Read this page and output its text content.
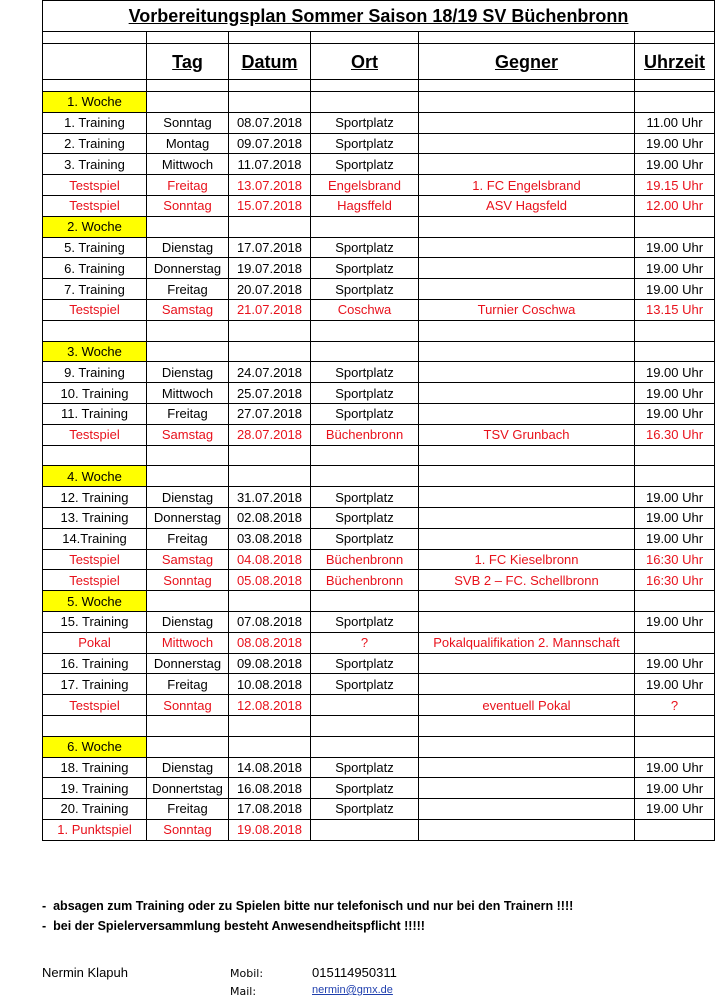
Vorbereitungsplan Sommer Saison 18/19 SV Büchenbronn					

	Tag	Datum	Ort	Gegner	Uhrzeit

1. Woche					
1. Training	Sonntag	08.07.2018	Sportplatz		11.00 Uhr
2. Training	Montag	09.07.2018	Sportplatz		19.00 Uhr
3. Training	Mittwoch	11.07.2018	Sportplatz		19.00 Uhr
Testspiel	Freitag	13.07.2018	Engelsbrand	1. FC Engelsbrand	19.15 Uhr
Testspiel	Sonntag	15.07.2018	Hagsffeld	ASV Hagsfeld	12.00 Uhr
2. Woche					
5. Training	Dienstag	17.07.2018	Sportplatz		19.00 Uhr
6. Training	Donnerstag	19.07.2018	Sportplatz		19.00 Uhr
7. Training	Freitag	20.07.2018	Sportplatz		19.00 Uhr
Testspiel	Samstag	21.07.2018	Coschwa	Turnier Coschwa	13.15 Uhr

3. Woche					
9. Training	Dienstag	24.07.2018	Sportplatz		19.00 Uhr
10. Training	Mittwoch	25.07.2018	Sportplatz		19.00 Uhr
11. Training	Freitag	27.07.2018	Sportplatz		19.00 Uhr
Testspiel	Samstag	28.07.2018	Büchenbronn	TSV Grunbach	16.30 Uhr

4. Woche					
12. Training	Dienstag	31.07.2018	Sportplatz		19.00 Uhr
13. Training	Donnerstag	02.08.2018	Sportplatz		19.00 Uhr
14.Training	Freitag	03.08.2018	Sportplatz		19.00 Uhr
Testspiel	Samstag	04.08.2018	Büchenbronn	1. FC Kieselbronn	16:30 Uhr
Testspiel	Sonntag	05.08.2018	Büchenbronn	SVB 2 – FC. Schellbronn	16:30 Uhr
5. Woche					
15. Training	Dienstag	07.08.2018	Sportplatz		19.00 Uhr
Pokal	Mittwoch	08.08.2018	?	Pokalqualifikation 2. Mannschaft	
16. Training	Donnerstag	09.08.2018	Sportplatz		19.00 Uhr
17. Training	Freitag	10.08.2018	Sportplatz		19.00 Uhr
Testspiel	Sonntag	12.08.2018		eventuell Pokal	?

6. Woche					
18. Training	Dienstag	14.08.2018	Sportplatz		19.00 Uhr
19. Training	Donnertstag	16.08.2018	Sportplatz		19.00 Uhr
20. Training	Freitag	17.08.2018	Sportplatz		19.00 Uhr
1. Punktspiel	Sonntag	19.08.2018			
-  absagen zum Training oder zu Spielen bitte nur telefonisch und nur bei den Trainern !!!!
-  bei der Spielerversammlung besteht Anwesendheitspflicht !!!!!
Nermin Klapuh	Mobil:	015114950311
Mail:	nermin@gmx.de
